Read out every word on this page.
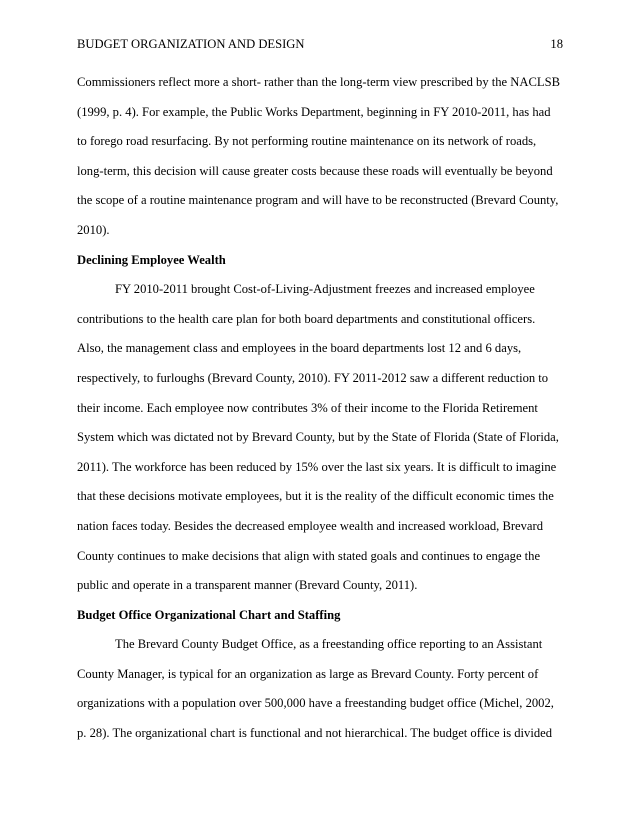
BUDGET ORGANIZATION AND DESIGN	18

Commissioners reflect more a short- rather than the long-term view prescribed by the NACLSB (1999, p. 4). For example, the Public Works Department, beginning in FY 2010-2011, has had to forego road resurfacing. By not performing routine maintenance on its network of roads, long-term, this decision will cause greater costs because these roads will eventually be beyond the scope of a routine maintenance program and will have to be reconstructed (Brevard County, 2010).

Declining Employee Wealth

FY 2010-2011 brought Cost-of-Living-Adjustment freezes and increased employee contributions to the health care plan for both board departments and constitutional officers. Also, the management class and employees in the board departments lost 12 and 6 days, respectively, to furloughs (Brevard County, 2010). FY 2011-2012 saw a different reduction to their income. Each employee now contributes 3% of their income to the Florida Retirement System which was dictated not by Brevard County, but by the State of Florida (State of Florida, 2011). The workforce has been reduced by 15% over the last six years. It is difficult to imagine that these decisions motivate employees, but it is the reality of the difficult economic times the nation faces today. Besides the decreased employee wealth and increased workload, Brevard County continues to make decisions that align with stated goals and continues to engage the public and operate in a transparent manner (Brevard County, 2011).

Budget Office Organizational Chart and Staffing

The Brevard County Budget Office, as a freestanding office reporting to an Assistant County Manager, is typical for an organization as large as Brevard County. Forty percent of organizations with a population over 500,000 have a freestanding budget office (Michel, 2002, p. 28). The organizational chart is functional and not hierarchical. The budget office is divided
